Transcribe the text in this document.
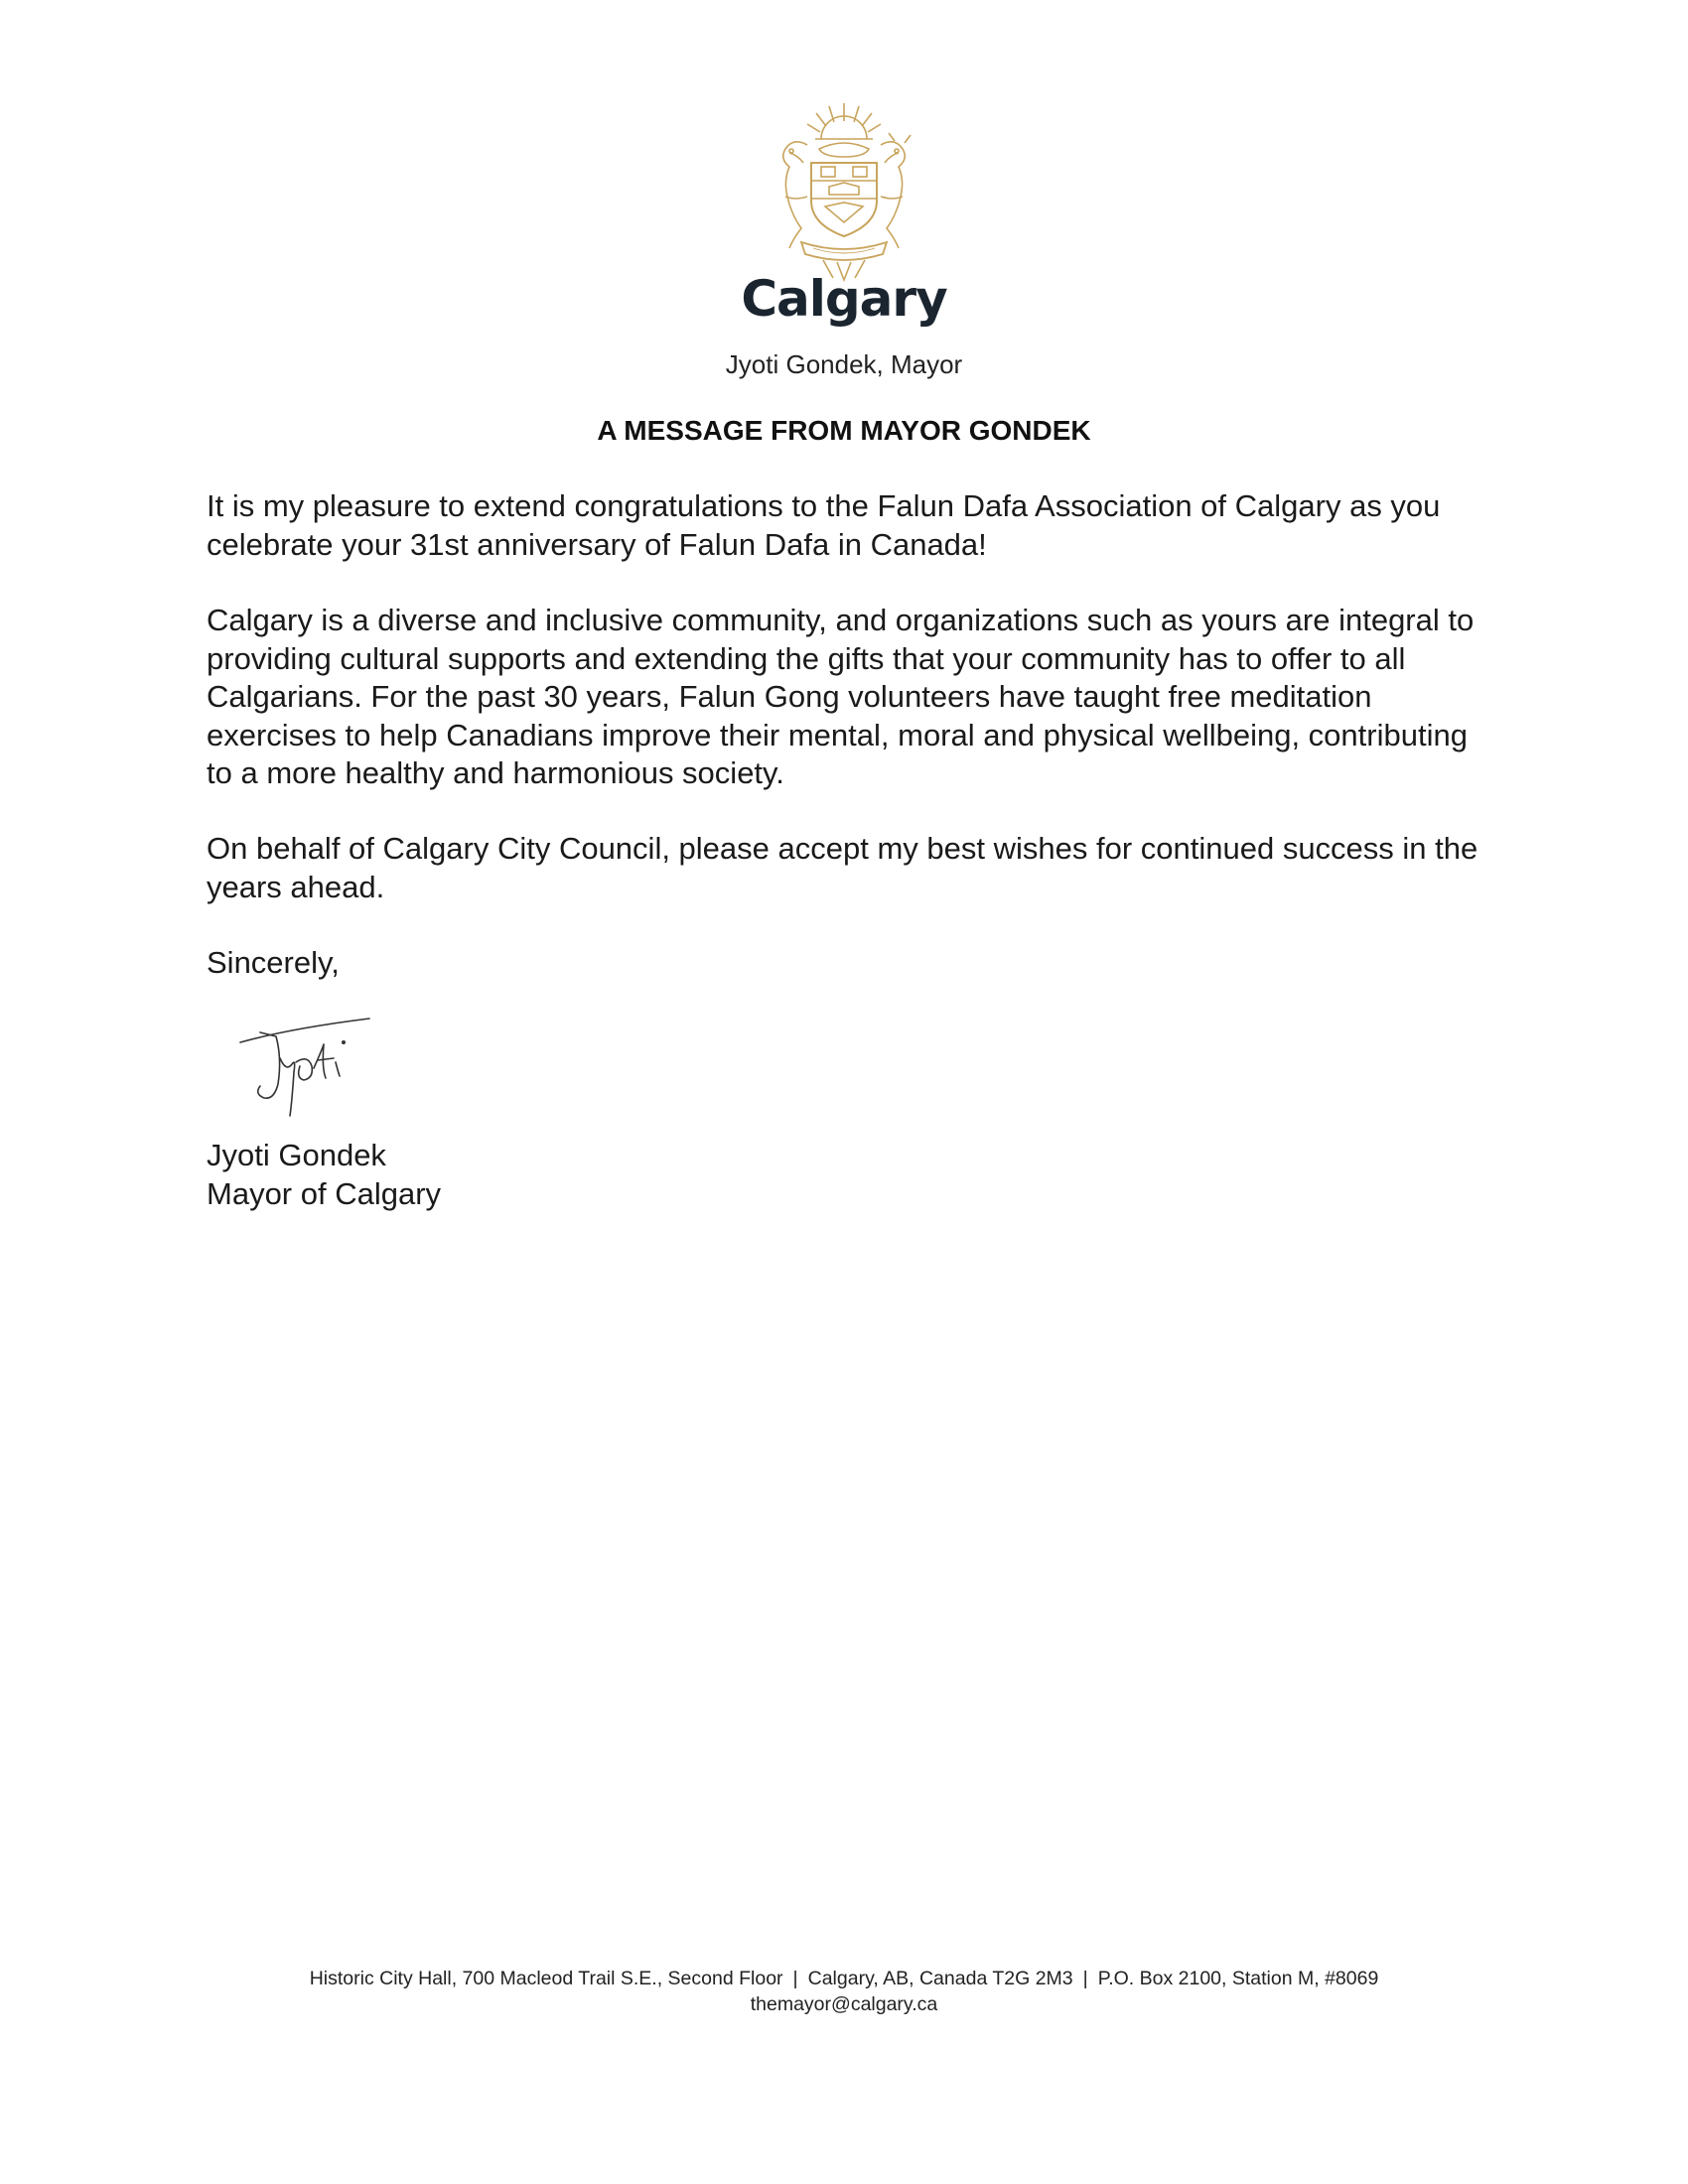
Calgary
Jyoti Gondek, Mayor
A MESSAGE FROM MAYOR GONDEK

It is my pleasure to extend congratulations to the Falun Dafa Association of Calgary as you celebrate your 31st anniversary of Falun Dafa in Canada!

Calgary is a diverse and inclusive community, and organizations such as yours are integral to providing cultural supports and extending the gifts that your community has to offer to all Calgarians. For the past 30 years, Falun Gong volunteers have taught free meditation exercises to help Canadians improve their mental, moral and physical wellbeing, contributing to a more healthy and harmonious society.

On behalf of Calgary City Council, please accept my best wishes for continued success in the years ahead.

Sincerely,

Jyoti Gondek

Mayor of Calgary

Historic City Hall, 700 Macleod Trail S.E., Second Floor | Calgary, AB, Canada T2G 2M3 | P.O. Box 2100, Station M, #8069
themayor@calgary.ca
